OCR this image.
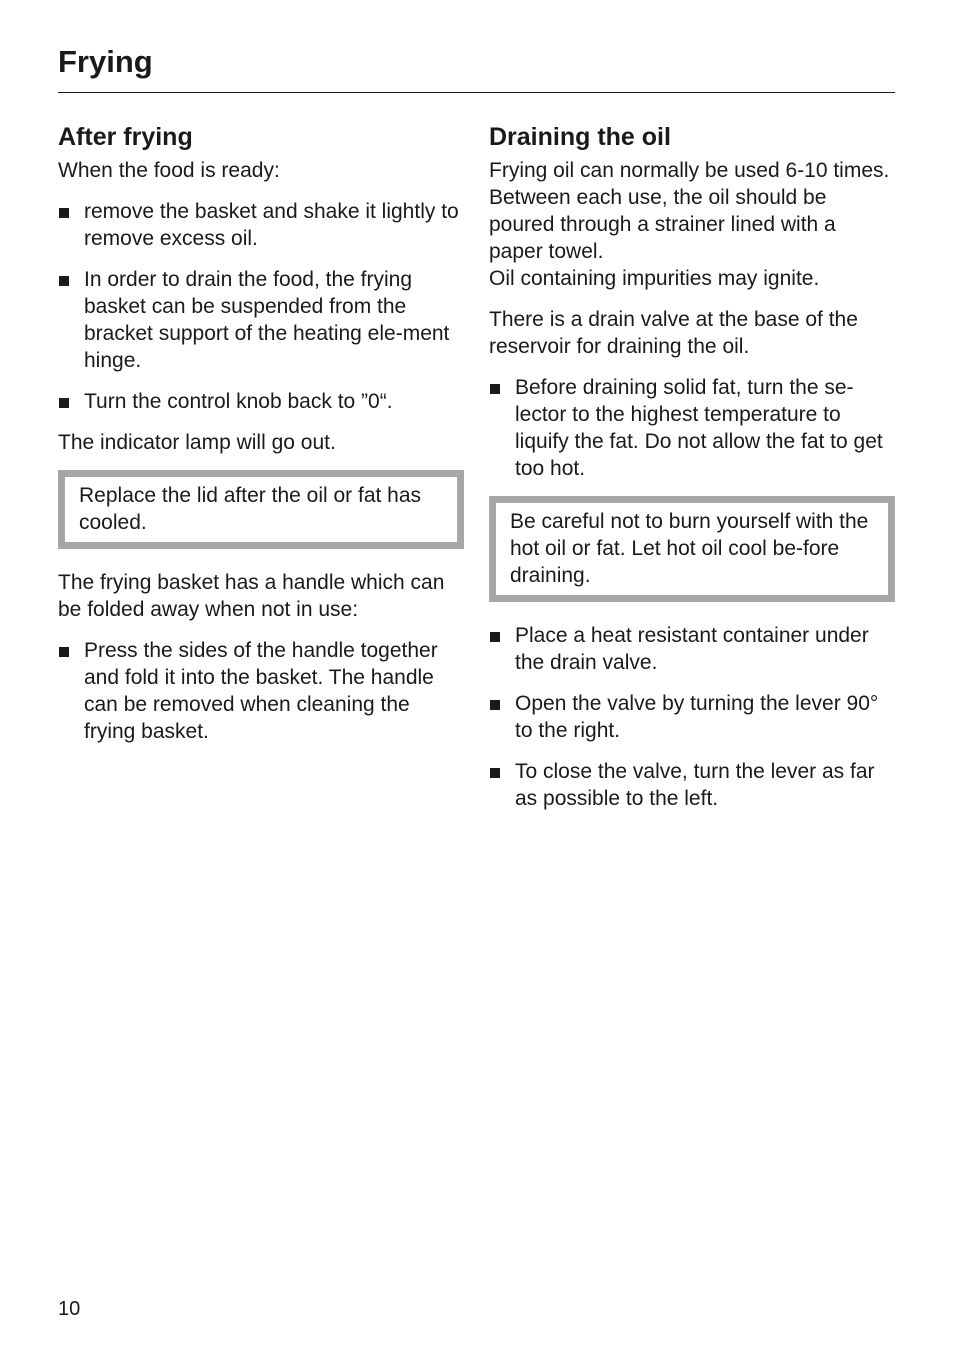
Frying
After frying

When the food is ready:

remove the basket and shake it lightly to remove excess oil.
In order to drain the food, the frying basket can be suspended from the bracket support of the heating ele-ment hinge.
Turn the control knob back to ”0“.

The indicator lamp will go out.

Replace the lid after the oil or fat has cooled.

The frying basket has a handle which can be folded away when not in use:

Press the sides of the handle together and fold it into the basket. The handle can be removed when cleaning the frying basket.
Draining the oil

Frying oil can normally be used 6-10 times. Between each use, the oil should be poured through a strainer lined with a paper towel.
Oil containing impurities may ignite.

There is a drain valve at the base of the reservoir for draining the oil.

Before draining solid fat, turn the se-lector to the highest temperature to liquify the fat. Do not allow the fat to get too hot.
Be careful not to burn yourself with the hot oil or fat. Let hot oil cool be-fore draining.
Place a heat resistant container under the drain valve.
Open the valve by turning the lever 90° to the right.
To close the valve, turn the lever as far as possible to the left.
10
